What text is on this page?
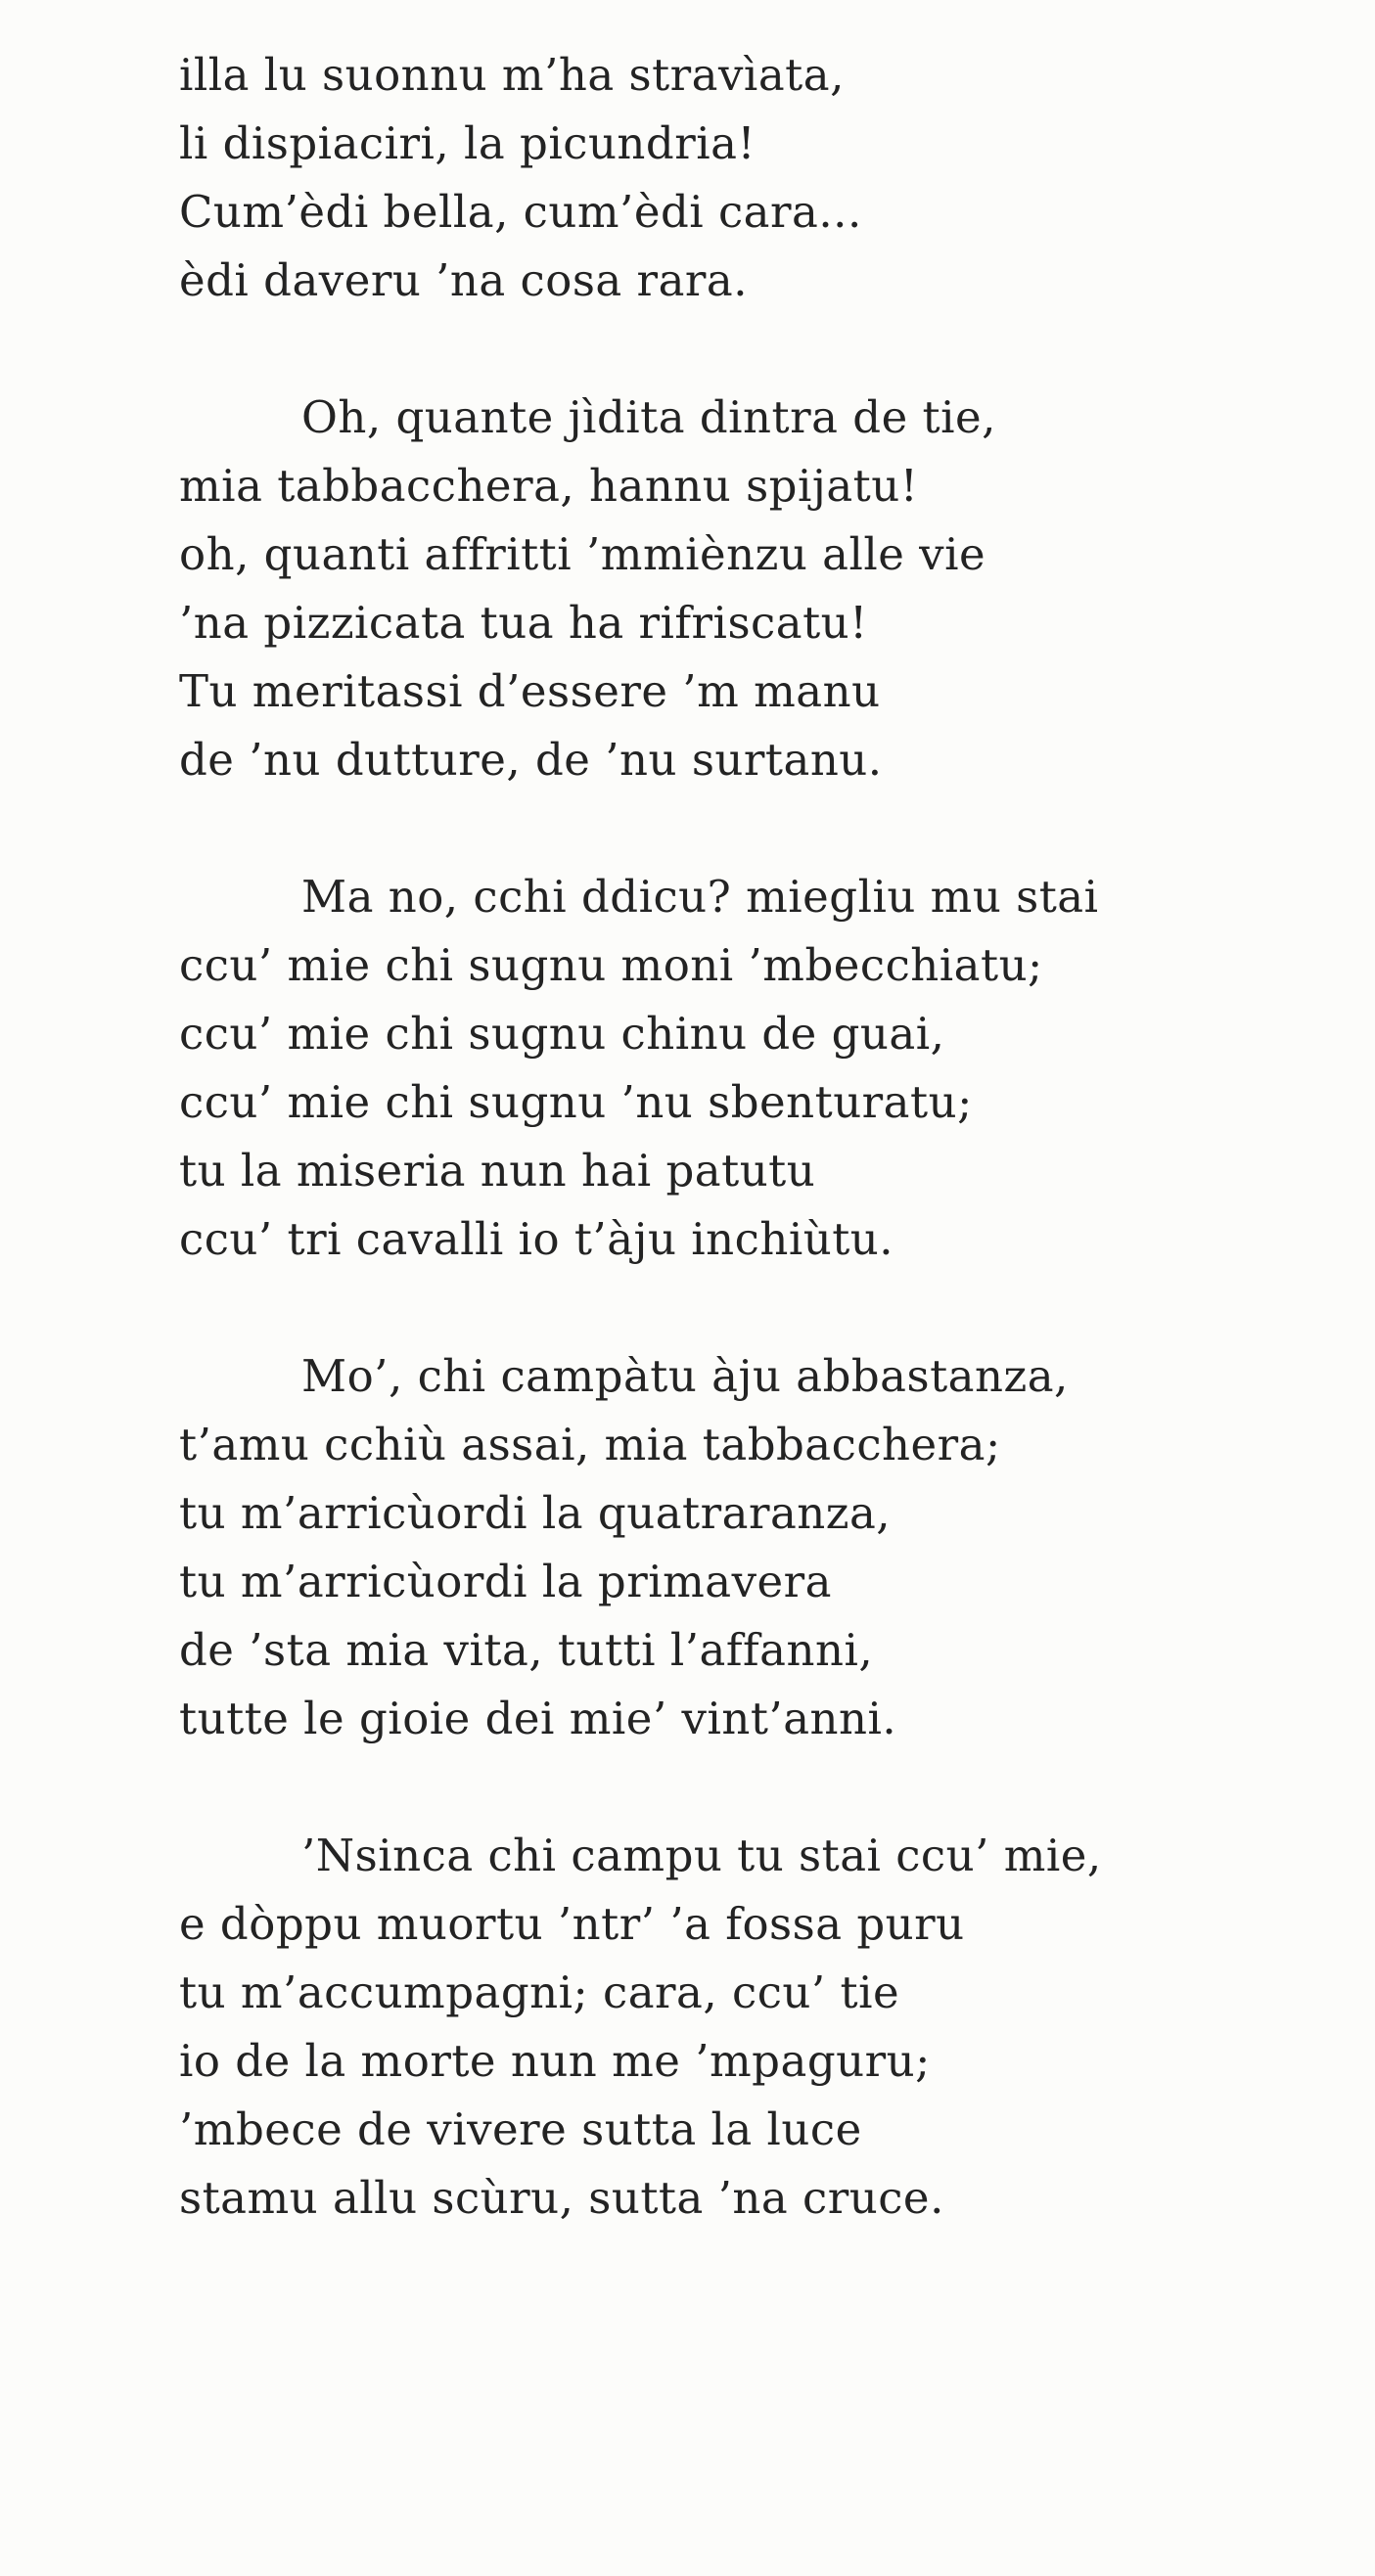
illa lu suonnu m’ha stravìata,
li dispiaciri, la picundria!
Cum’èdi bella, cum’èdi cara...
èdi daveru ’na cosa rara.
Oh, quante jìdita dintra de tie,
mia tabbacchera, hannu spijatu!
oh, quanti affritti ’mmiènzu alle vie
’na pizzicata tua ha rifriscatu!
Tu meritassi d’essere ’m manu
de ’nu dutture, de ’nu surtanu.
Ma no, cchi ddicu? miegliu mu stai
ccu’ mie chi sugnu moni ’mbecchiatu;
ccu’ mie chi sugnu chinu de guai,
ccu’ mie chi sugnu ’nu sbenturatu;
tu la miseria nun hai patutu
ccu’ tri cavalli io t’àju inchiùtu.
Mo’, chi campàtu àju abbastanza,
t’amu cchiù assai, mia tabbacchera;
tu m’arricùordi la quatraranza,
tu m’arricùordi la primavera
de ’sta mia vita, tutti l’affanni,
tutte le gioie dei mie’ vint’anni.
’Nsinca chi campu tu stai ccu’ mie,
e dòppu muortu ’ntr’ ’a fossa puru
tu m’accumpagni; cara, ccu’ tie
io de la morte nun me ’mpaguru;
’mbece de vivere sutta la luce
stamu allu scùru, sutta ’na cruce.
